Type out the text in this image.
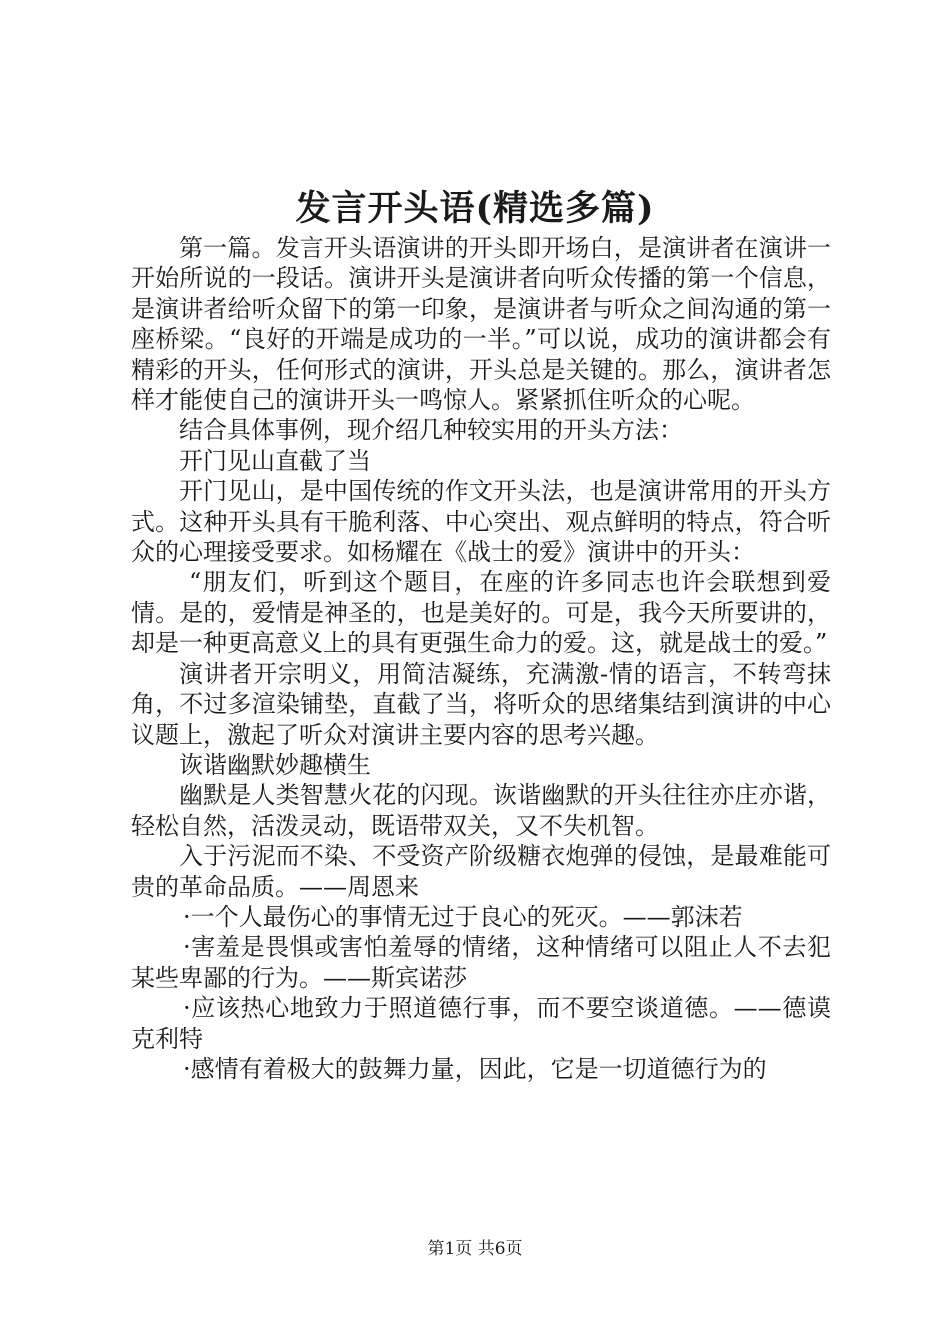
发言开头语(精选多篇)

第一篇。发言开头语演讲的开头即开场白，是演讲者在演讲一开始所说的一段话。演讲开头是演讲者向听众传播的第一个信息，是演讲者给听众留下的第一印象，是演讲者与听众之间沟通的第一座桥梁。“良好的开端是成功的一半。”可以说，成功的演讲都会有精彩的开头，任何形式的演讲，开头总是关键的。那么，演讲者怎样才能使自己的演讲开头一鸣惊人。紧紧抓住听众的心呢。

结合具体事例，现介绍几种较实用的开头方法：

开门见山直截了当

开门见山，是中国传统的作文开头法，也是演讲常用的开头方式。这种开头具有干脆利落、中心突出、观点鲜明的特点，符合听众的心理接受要求。如杨耀在《战士的爱》演讲中的开头：

“朋友们，听到这个题目，在座的许多同志也许会联想到爱情。是的，爱情是神圣的，也是美好的。可是，我今天所要讲的，却是一种更高意义上的具有更强生命力的爱。这，就是战士的爱。”

演讲者开宗明义，用简洁凝练，充满激-情的语言，不转弯抹角，不过多渲染铺垫，直截了当，将听众的思绪集结到演讲的中心议题上，激起了听众对演讲主要内容的思考兴趣。

诙谐幽默妙趣横生

幽默是人类智慧火花的闪现。诙谐幽默的开头往往亦庄亦谐，轻松自然，活泼灵动，既语带双关，又不失机智。

入于污泥而不染、不受资产阶级糖衣炮弹的侵蚀，是最难能可贵的革命品质。——周恩来

·一个人最伤心的事情无过于良心的死灭。——郭沫若

·害羞是畏惧或害怕羞辱的情绪，这种情绪可以阻止人不去犯某些卑鄙的行为。——斯宾诺莎

·应该热心地致力于照道德行事，而不要空谈道德。——德谟克利特

·感情有着极大的鼓舞力量，因此，它是一切道德行为的

第1页 共6页
